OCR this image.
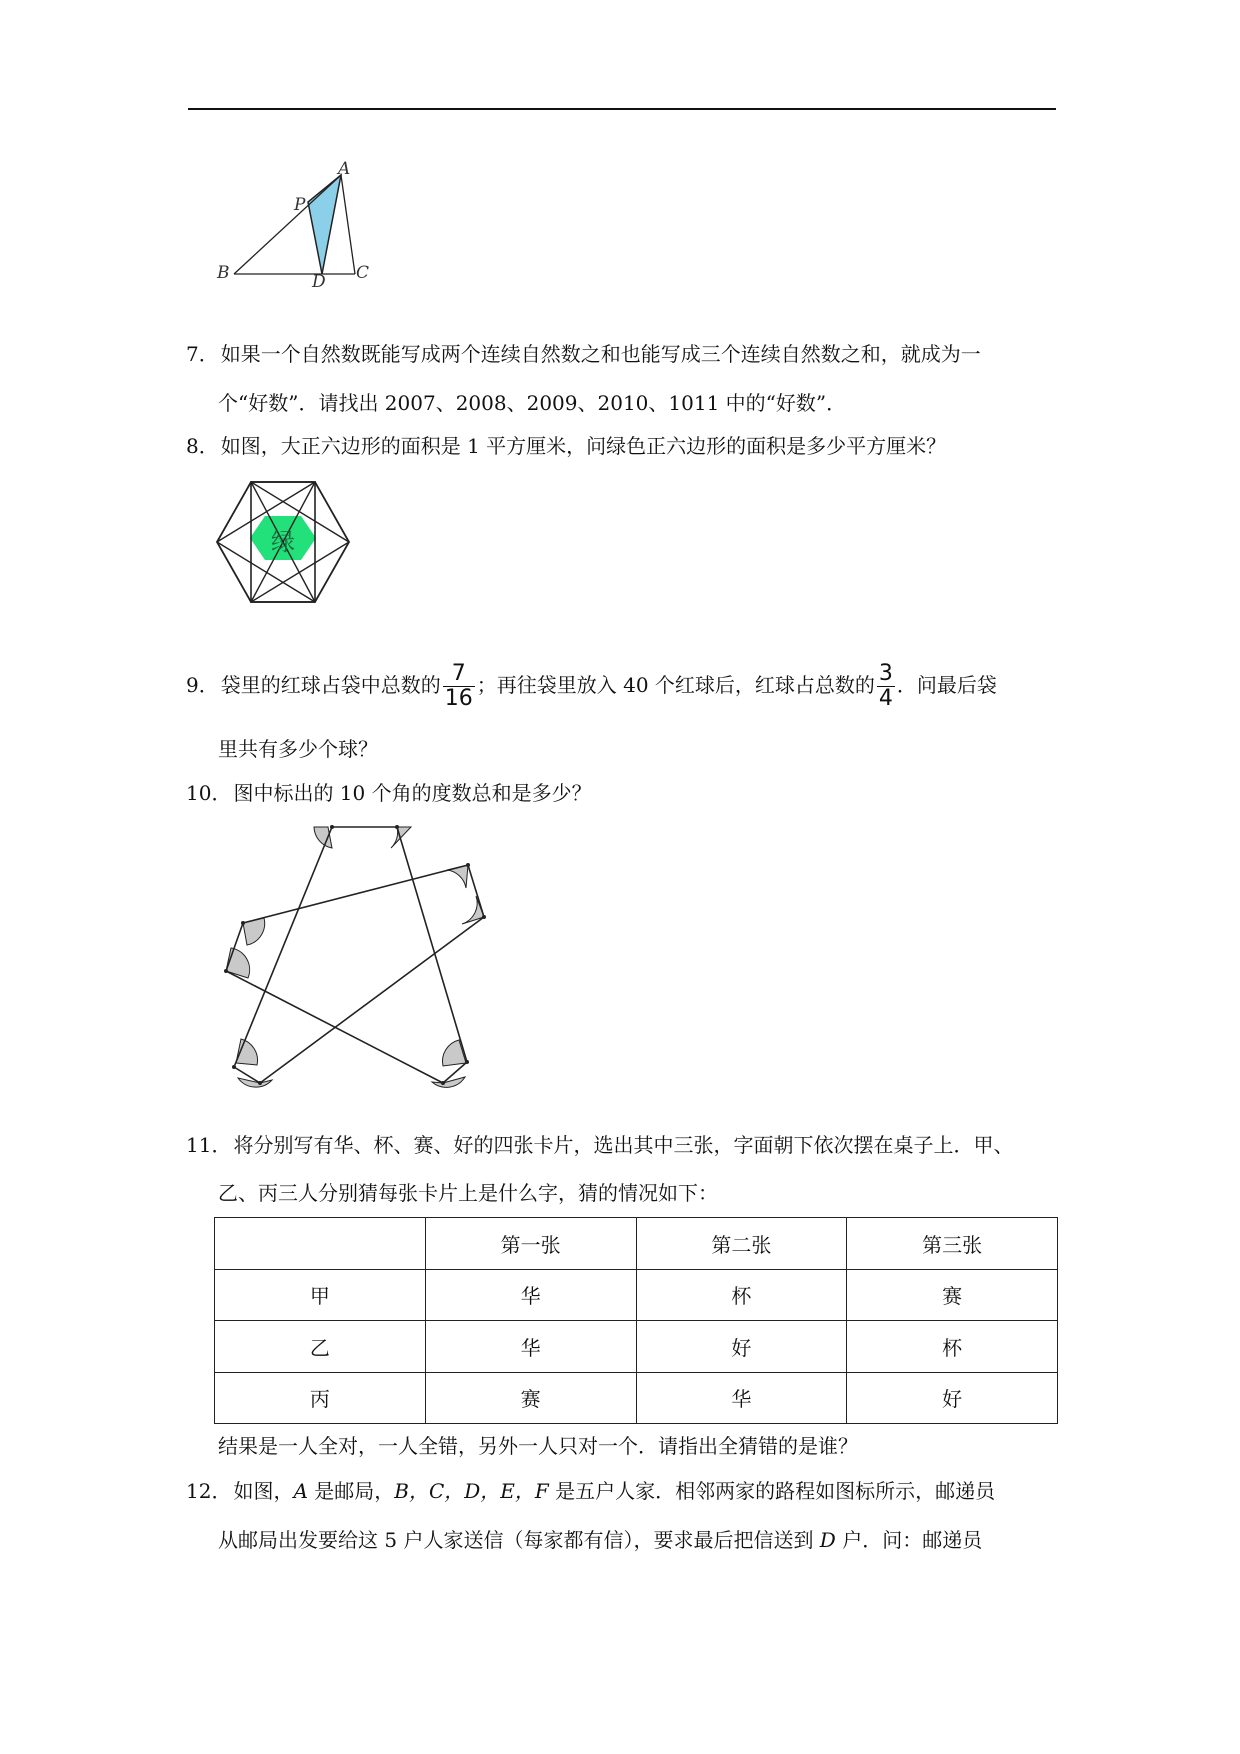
A
P
B	D C
7． 如果一个自然数既能写成两个连续自然数之和也能写成三个连续自然数之和，就成为一
个“好数”．请找出 2007、2008、2009、2010、1011 中的“好数”．
8． 如图，大正六边形的面积是 1 平方厘米，问绿色正六边形的面积是多少平方厘米？
绿
9． 袋里的红球占袋中总数的 $\frac{7}{16}$ ；再往袋里放入 40 个红球后，红球占总数的 $\frac{3}{4}$ ．问最后袋
里共有多少个球？
10． 图中标出的 10 个角的度数总和是多少？
11． 将分别写有华、杯、赛、好的四张卡片，选出其中三张，字面朝下依次摆在桌子上．甲、
乙、丙三人分别猜每张卡片上是什么字，猜的情况如下：
	第一张	第二张	第三张
甲	华	杯	赛
乙	华	好	杯
丙	赛	华	好
结果是一人全对，一人全错，另外一人只对一个．请指出全猜错的是谁？
12． 如图，A 是邮局，B，C，D，E，F 是五户人家．相邻两家的路程如图标所示，邮递员
从邮局出发要给这 5 户人家送信（每家都有信），要求最后把信送到 D 户．问：邮递员
